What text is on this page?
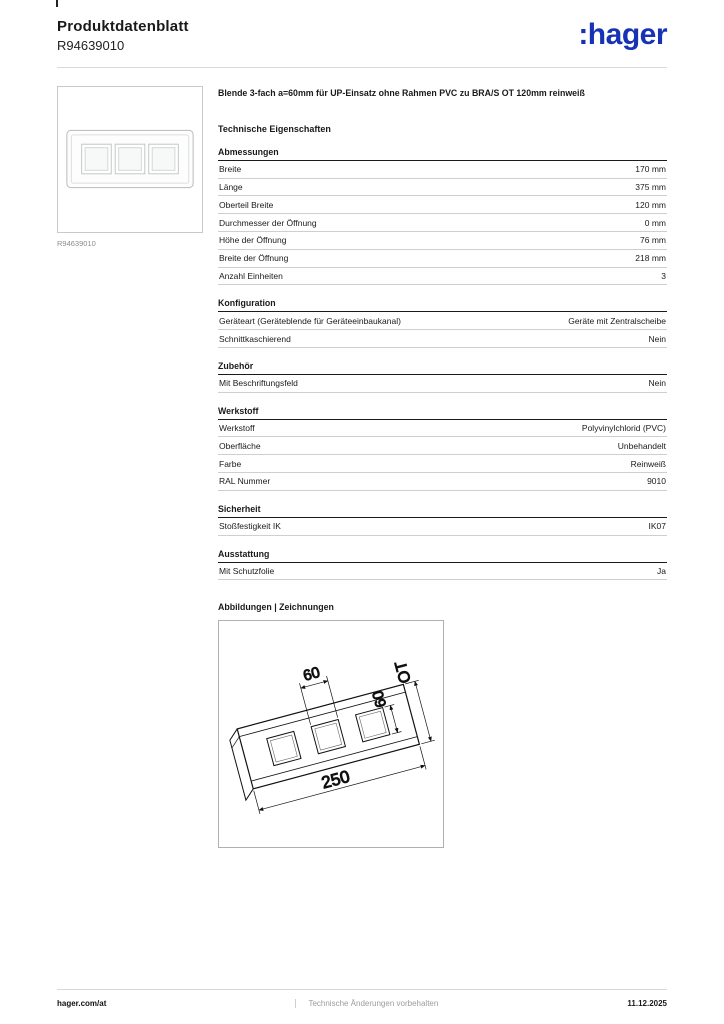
Produktdatenblatt
R94639010	:hager
R94639010
Blende 3-fach a=60mm für UP-Einsatz ohne Rahmen PVC zu BRA/S OT 120mm reinweiß
Technische Eigenschaften
Abmessungen
Breite	170 mm
Länge	375 mm
Oberteil Breite	120 mm
Durchmesser der Öffnung	0 mm
Höhe der Öffnung	76 mm
Breite der Öffnung	218 mm
Anzahl Einheiten	3
Konfiguration
Geräteart (Geräteblende für Geräteeinbaukanal)	Geräte mit Zentralscheibe
Schnittkaschierend	Nein
Zubehör
Mit Beschriftungsfeld	Nein
Werkstoff
Werkstoff	Polyvinylchlorid (PVC)
Oberfläche	Unbehandelt
Farbe	Reinweiß
RAL Nummer	9010
Sicherheit
Stoßfestigkeit IK	IK07
Ausstattung
Mit Schutzfolie	Ja
Abbildungen | Zeichnungen
60
60
OT
250
hager.com/at	Technische Änderungen vorbehalten	11.12.2025
